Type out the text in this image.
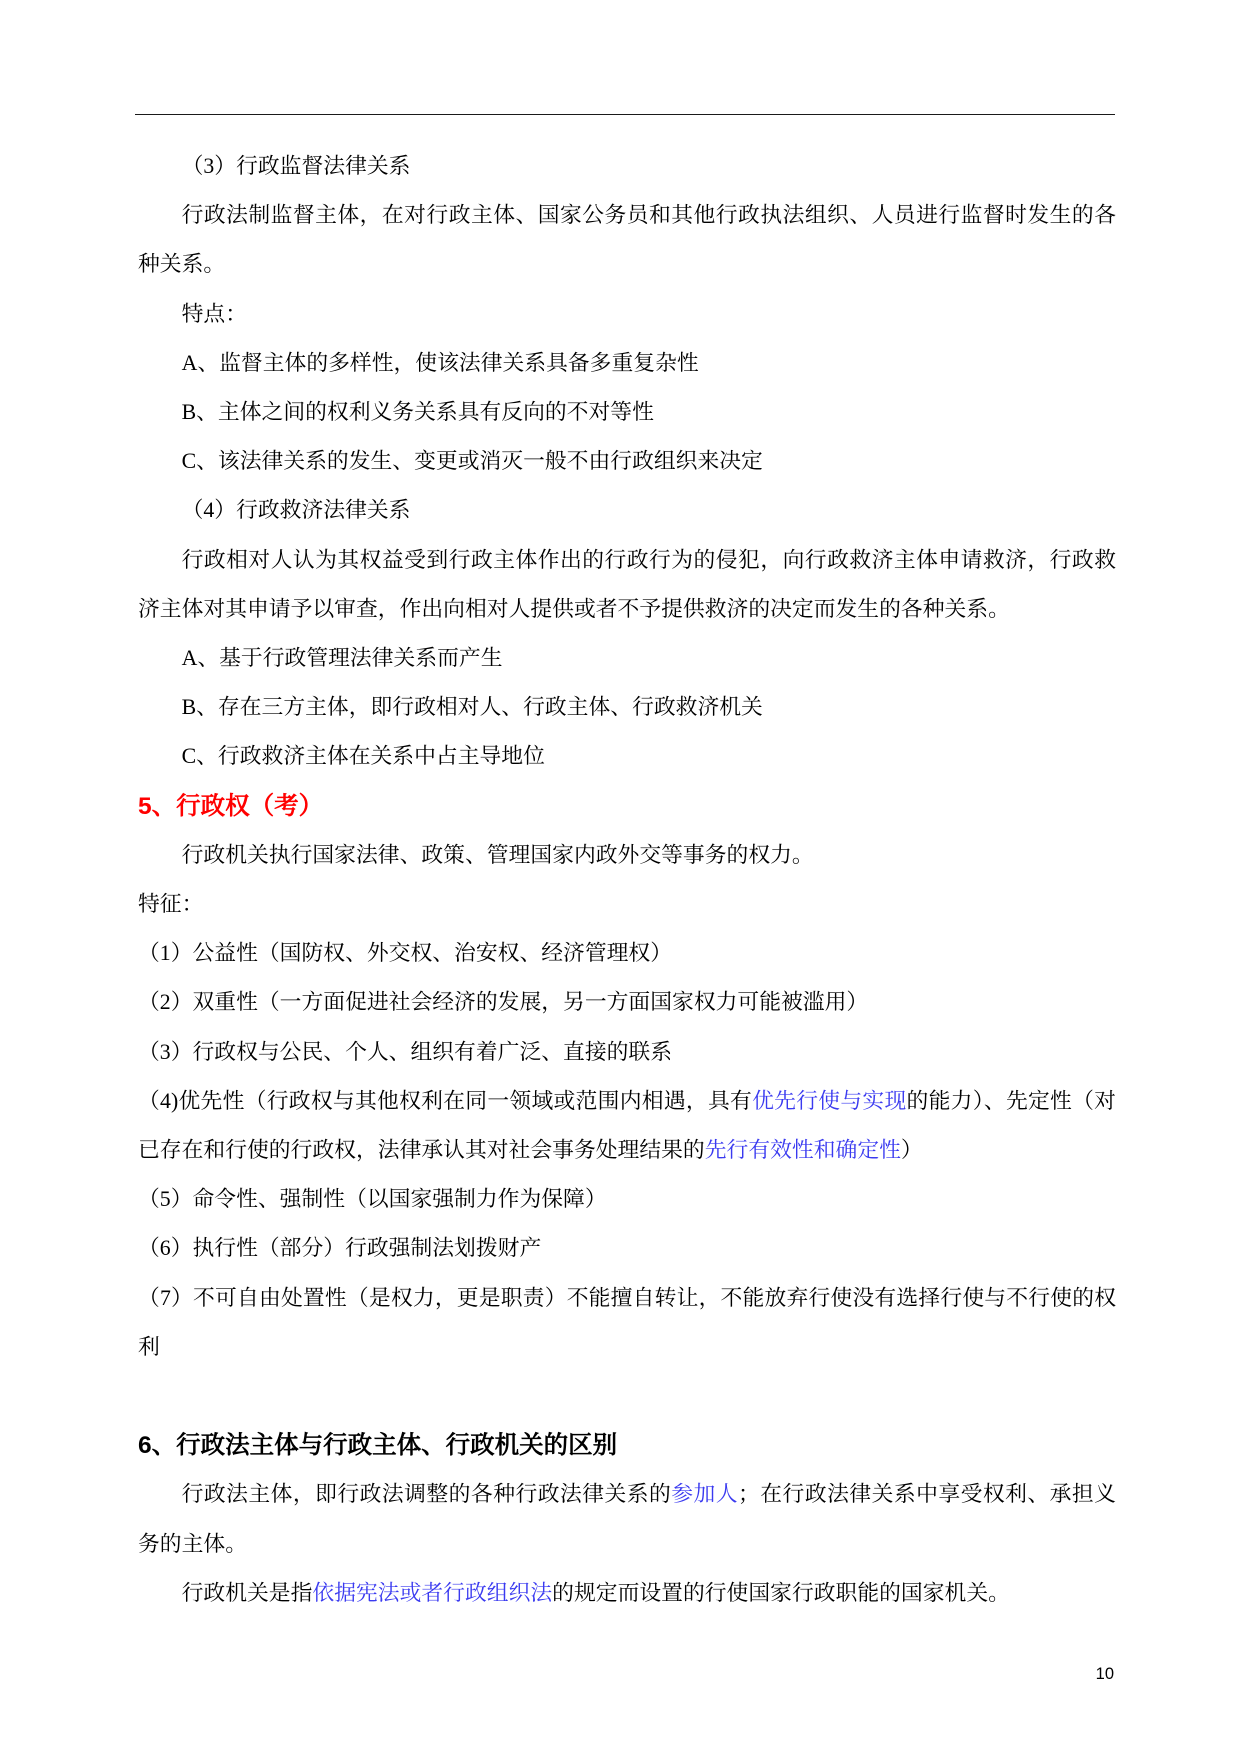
（3）行政监督法律关系

行政法制监督主体，在对行政主体、国家公务员和其他行政执法组织、人员进行监督时发生的各种关系。

特点：

A、监督主体的多样性，使该法律关系具备多重复杂性

B、主体之间的权利义务关系具有反向的不对等性

C、该法律关系的发生、变更或消灭一般不由行政组织来决定

（4）行政救济法律关系

行政相对人认为其权益受到行政主体作出的行政行为的侵犯，向行政救济主体申请救济，行政救济主体对其申请予以审查，作出向相对人提供或者不予提供救济的决定而发生的各种关系。

A、基于行政管理法律关系而产生

B、存在三方主体，即行政相对人、行政主体、行政救济机关

C、行政救济主体在关系中占主导地位

5、行政权（考）

行政机关执行国家法律、政策、管理国家内政外交等事务的权力。

特征：

（1）公益性（国防权、外交权、治安权、经济管理权）

（2）双重性（一方面促进社会经济的发展，另一方面国家权力可能被滥用）

（3）行政权与公民、个人、组织有着广泛、直接的联系

（4)优先性（行政权与其他权利在同一领域或范围内相遇，具有优先行使与实现的能力）、先定性（对已存在和行使的行政权，法律承认其对社会事务处理结果的先行有效性和确定性）

（5）命令性、强制性（以国家强制力作为保障）

（6）执行性（部分）行政强制法划拨财产

（7）不可自由处置性（是权力，更是职责）不能擅自转让，不能放弃行使没有选择行使与不行使的权利

6、行政法主体与行政主体、行政机关的区别

行政法主体，即行政法调整的各种行政法律关系的参加人；在行政法律关系中享受权利、承担义务的主体。

行政机关是指依据宪法或者行政组织法的规定而设置的行使国家行政职能的国家机关。

10
